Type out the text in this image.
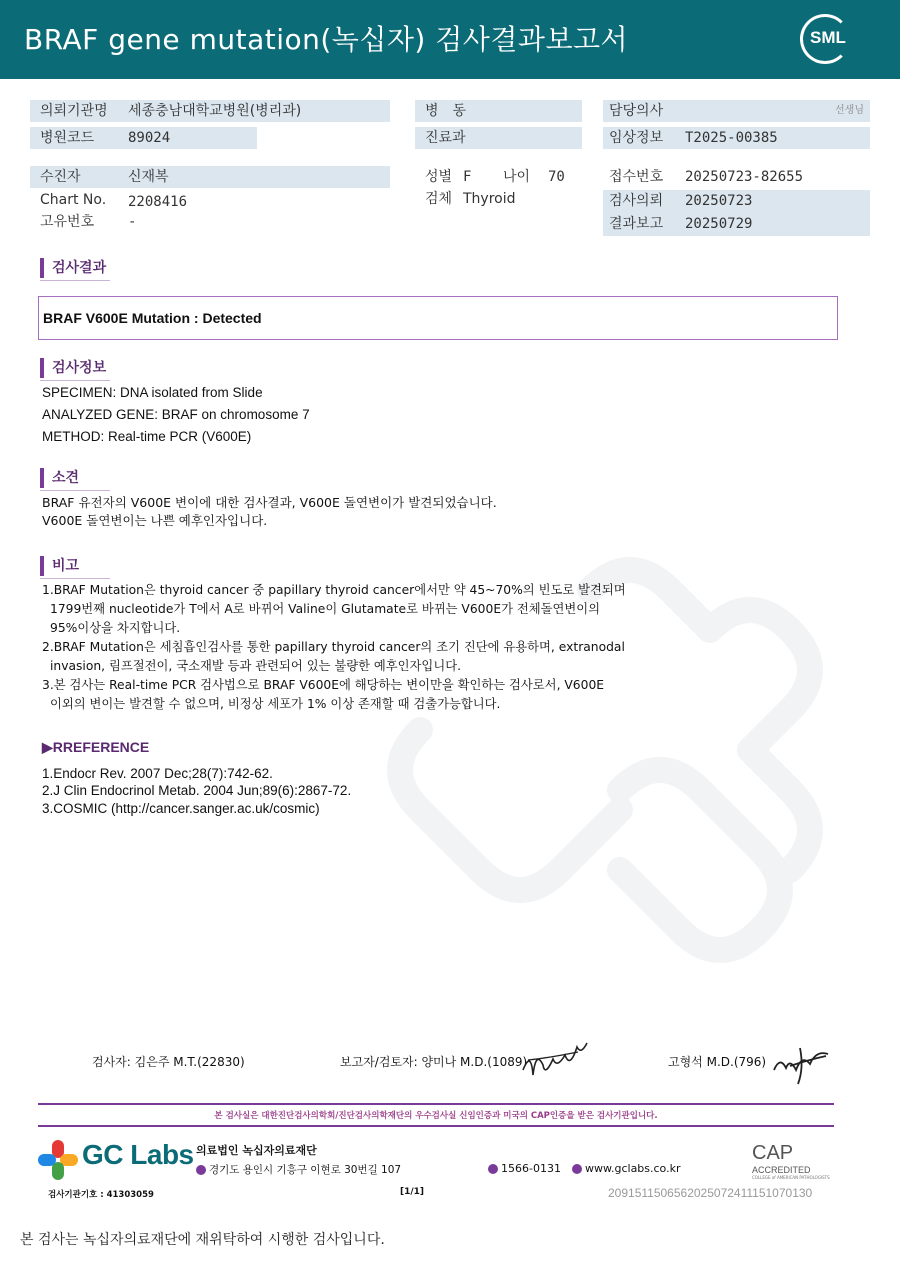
BRAF gene mutation(녹십자) 검사결과보고서	SML
의뢰기관명 세종충남대학교병원(병리과)
병원코드 89024
병　동
진료과
담당의사	선생님
임상정보 T2025-00385
수진자	신재복
Chart No. 2208416
고유번호 -
성별 F 나이 70
검체 Thyroid
접수번호 20250723-82655
검사의뢰 20250723
결과보고 20250729
검사결과
BRAF V600E Mutation : Detected
검사정보
SPECIMEN: DNA isolated from Slide
ANALYZED GENE: BRAF on chromosome 7
METHOD: Real-time PCR (V600E)
소견
BRAF 유전자의 V600E 변이에 대한 검사결과, V600E 돌연변이가 발견되었습니다.
V600E 돌연변이는 나쁜 예후인자입니다.
비고
1.BRAF Mutation은 thyroid cancer 중 papillary thyroid cancer에서만 약 45~70%의 빈도로 발견되며
1799번째 nucleotide가 T에서 A로 바뀌어 Valine이 Glutamate로 바뀌는 V600E가 전체돌연변이의
95%이상을 차지합니다.
2.BRAF Mutation은 세침흡인검사를 통한 papillary thyroid cancer의 조기 진단에 유용하며, extranodal
invasion, 림프절전이, 국소재발 등과 관련되어 있는 불량한 예후인자입니다.
3.본 검사는 Real-time PCR 검사법으로 BRAF V600E에 해당하는 변이만을 확인하는 검사로서, V600E
이외의 변이는 발견할 수 없으며, 비정상 세포가 1% 이상 존재할 때 검출가능합니다.
▶RREFERENCE
1.Endocr Rev. 2007 Dec;28(7):742-62.
2.J Clin Endocrinol Metab. 2004 Jun;89(6):2867-72.
3.COSMIC (http://cancer.sanger.ac.uk/cosmic)
검사자: 김은주 M.T.(22830)	보고자/검토자: 양미나 M.D.(1089)	고형석 M.D.(796)
본 검사실은 대한진단검사의학회/진단검사의학재단의 우수검사실 신임인증과 미국의 CAP인증을 받은 검사기관입니다.
GC Labs 의료법인 녹십자의료재단
경기도 용인시 기흥구 이현로 30번길 107	1566-0131	www.gclabs.co.kr
CAP
ACCREDITED
COLLEGE of AMERICAN PATHOLOGISTS
검사기관기호 : 41303059	[1/1]	2091511506562025072411151070130
본 검사는 녹십자의료재단에 재위탁하여 시행한 검사입니다.
